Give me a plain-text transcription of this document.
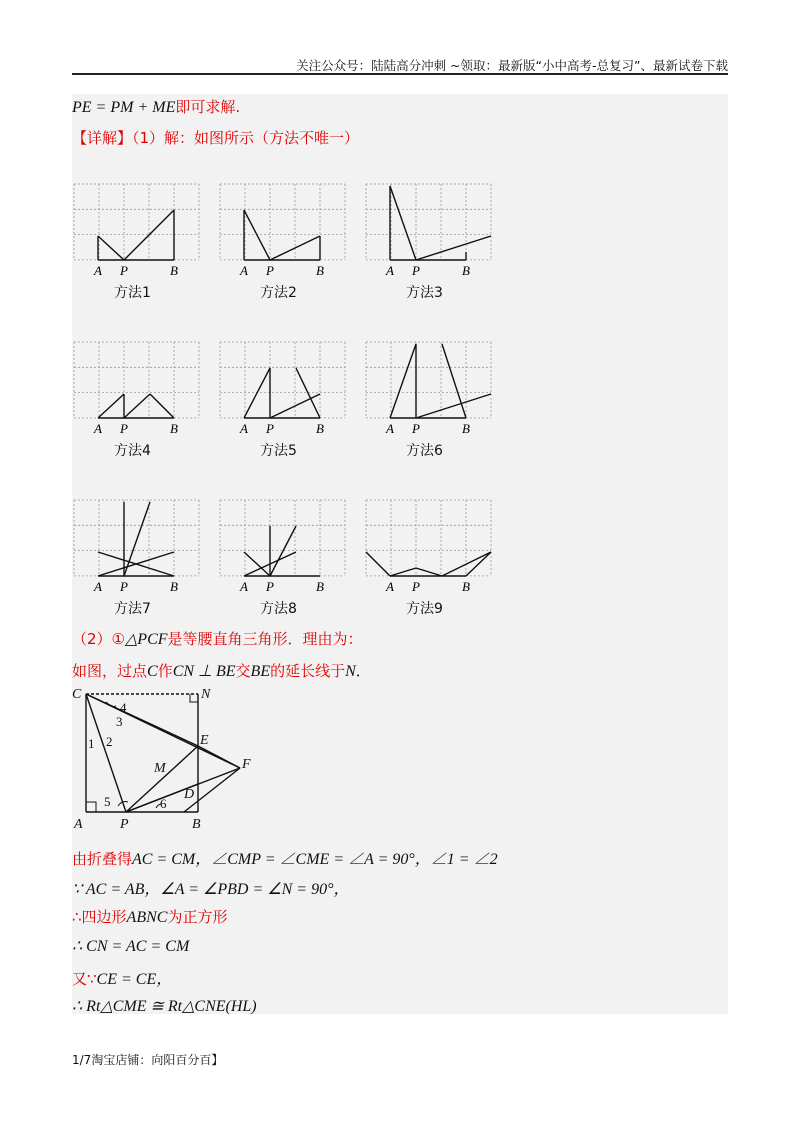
关注公众号：陆陆高分冲刺 ~领取：最新版“小中高考-总复习”、最新试卷下载
PE = PM + ME即可求解.
【详解】（1）解：如图所示（方法不唯一）
A P	B
方法1
A P	B
方法2
A P	B
方法3
A P	B
方法4
A P	B
方法5
A P	B
方法6
A P	B
方法7
A P	B
方法8
A P	B
方法9
（2）①△PCF是等腰直角三角形．理由为：
如图，过点C作CN ⊥ BE交BE的延长线于N．
C	N
E
F
M
D
A	P	B
1 2
3
4
5	6
由折叠得AC = CM，∠CMP = ∠CME = ∠A = 90°，∠1 = ∠2
∵ AC = AB，∠A = ∠PBD = ∠N = 90°，
∴四边形ABNC为正方形
∴ CN = AC = CM
又∵CE = CE，
∴ Rt△CME ≅ Rt△CNE(HL)
1/7淘宝店铺：向阳百分百】
